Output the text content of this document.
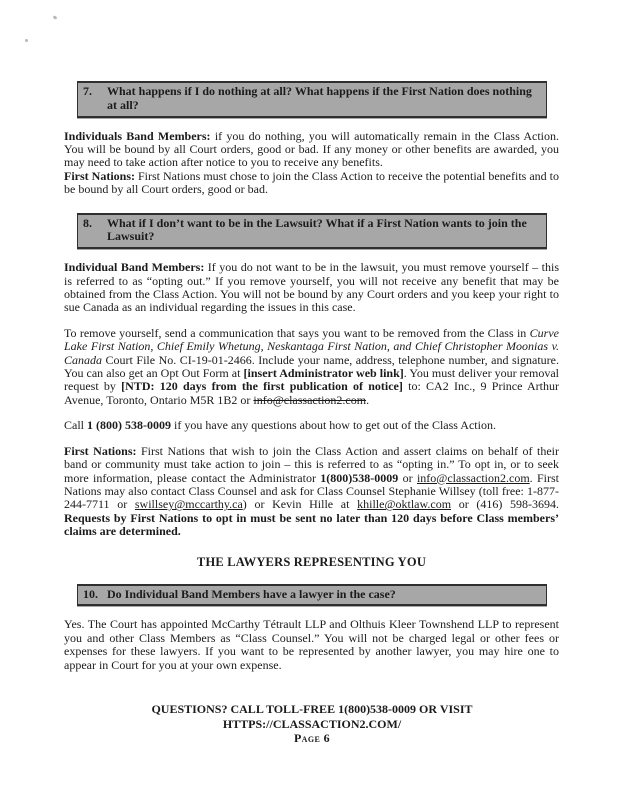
7.	What happens if I do nothing at all? What happens if the First Nation does nothing at all?

Individuals Band Members: if you do nothing, you will automatically remain in the Class Action. You will be bound by all Court orders, good or bad. If any money or other benefits are awarded, you may need to take action after notice to you to receive any benefits.
First Nations: First Nations must chose to join the Class Action to receive the potential benefits and to be bound by all Court orders, good or bad.

8.	What if I don’t want to be in the Lawsuit? What if a First Nation wants to join the Lawsuit?

Individual Band Members: If you do not want to be in the lawsuit, you must remove yourself – this is referred to as “opting out.” If you remove yourself, you will not receive any benefit that may be obtained from the Class Action. You will not be bound by any Court orders and you keep your right to sue Canada as an individual regarding the issues in this case.

To remove yourself, send a communication that says you want to be removed from the Class in Curve Lake First Nation, Chief Emily Whetung, Neskantaga First Nation, and Chief Christopher Moonias v. Canada Court File No. CI-19-01-2466. Include your name, address, telephone number, and signature. You can also get an Opt Out Form at [insert Administrator web link]. You must deliver your removal request by [NTD: 120 days from the first publication of notice] to: CA2 Inc., 9 Prince Arthur Avenue, Toronto, Ontario M5R 1B2 or info@classaction2.com.

Call 1 (800) 538-0009 if you have any questions about how to get out of the Class Action.

First Nations: First Nations that wish to join the Class Action and assert claims on behalf of their band or community must take action to join – this is referred to as “opting in.” To opt in, or to seek more information, please contact the Administrator 1(800)538-0009 or info@classaction2.com. First Nations may also contact Class Counsel and ask for Class Counsel Stephanie Willsey (toll free: 1-877-244-7711 or swillsey@mccarthy.ca) or Kevin Hille at khille@oktlaw.com or (416) 598-3694. Requests by First Nations to opt in must be sent no later than 120 days before Class members’ claims are determined.

THE LAWYERS REPRESENTING YOU
10. Do Individual Band Members have a lawyer in the case?

Yes. The Court has appointed McCarthy Tétrault LLP and Olthuis Kleer Townshend LLP to represent you and other Class Members as “Class Counsel.” You will not be charged legal or other fees or expenses for these lawyers. If you want to be represented by another lawyer, you may hire one to appear in Court for you at your own expense.

QUESTIONS? CALL TOLL-FREE 1(800)538-0009 OR VISIT
HTTPS://CLASSACTION2.COM/
Page 6
